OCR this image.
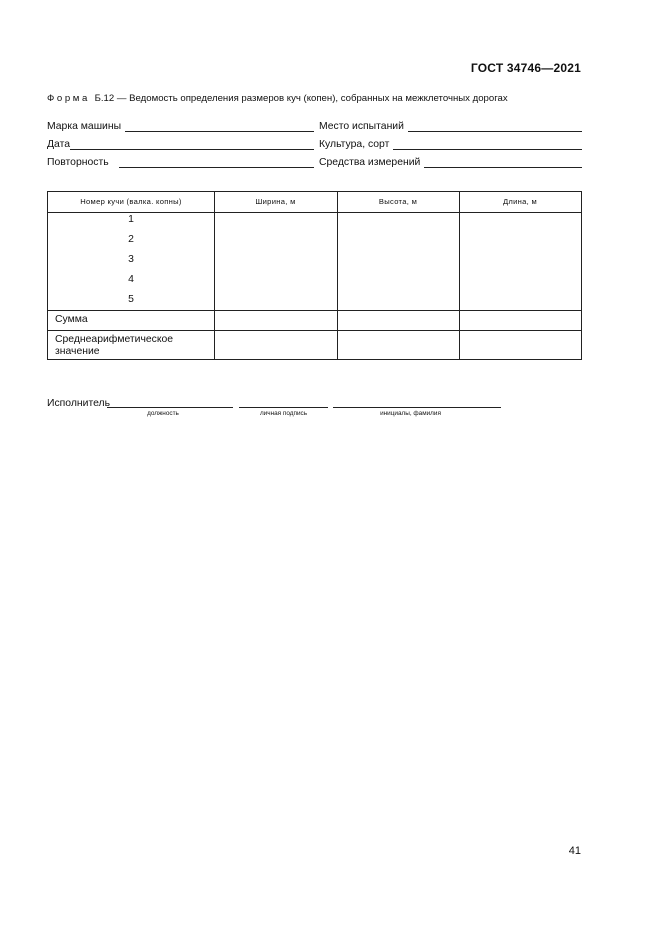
ГОСТ 34746—2021
Форма Б.12 — Ведомость определения размеров куч (копен), собранных на межклеточных дорогах
Марка машины	Место испытаний
Дата	Культура, сорт
Повторность	Средства измерений
Номер кучи (валка. копны)	Ширина, м	Высота, м	Длина, м
1
2
3
4
5
Сумма
Среднеарифметическое значение
Исполнитель
должность	личная подпись	инициалы, фамилия
41
